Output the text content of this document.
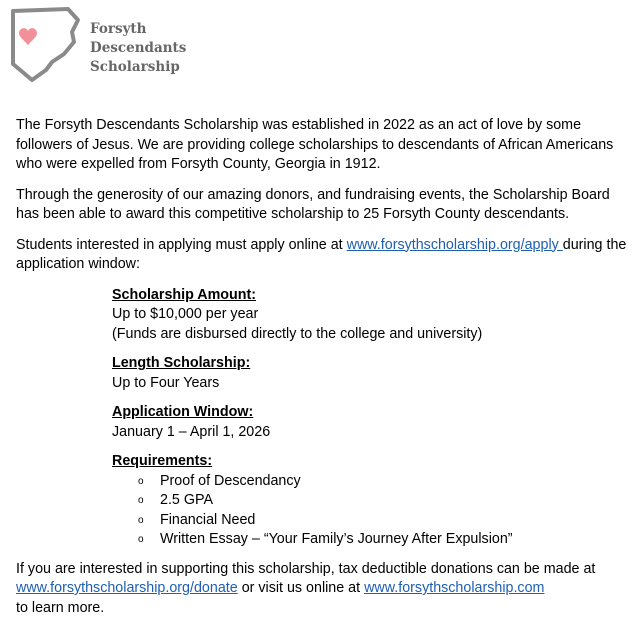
Forsyth
Descendants
Scholarship

The Forsyth Descendants Scholarship was established in 2022 as an act of love by some followers of Jesus. We are providing college scholarships to descendants of African Americans who were expelled from Forsyth County, Georgia in 1912.

Through the generosity of our amazing donors, and fundraising events, the Scholarship Board has been able to award this competitive scholarship to 25 Forsyth County descendants.

Students interested in applying must apply online at www.forsythscholarship.org/apply during the application window:

Scholarship Amount:
Up to $10,000 per year
(Funds are disbursed directly to the college and university)
Length Scholarship:
Up to Four Years
Application Window:
January 1 – April 1, 2026
Requirements:
o Proof of Descendancy
o 2.5 GPA
o Financial Need
o Written Essay – “Your Family’s Journey After Expulsion”

If you are interested in supporting this scholarship, tax deductible donations can be made at www.forsythscholarship.org/donate or visit us online at www.forsythscholarship.com
to learn more.
